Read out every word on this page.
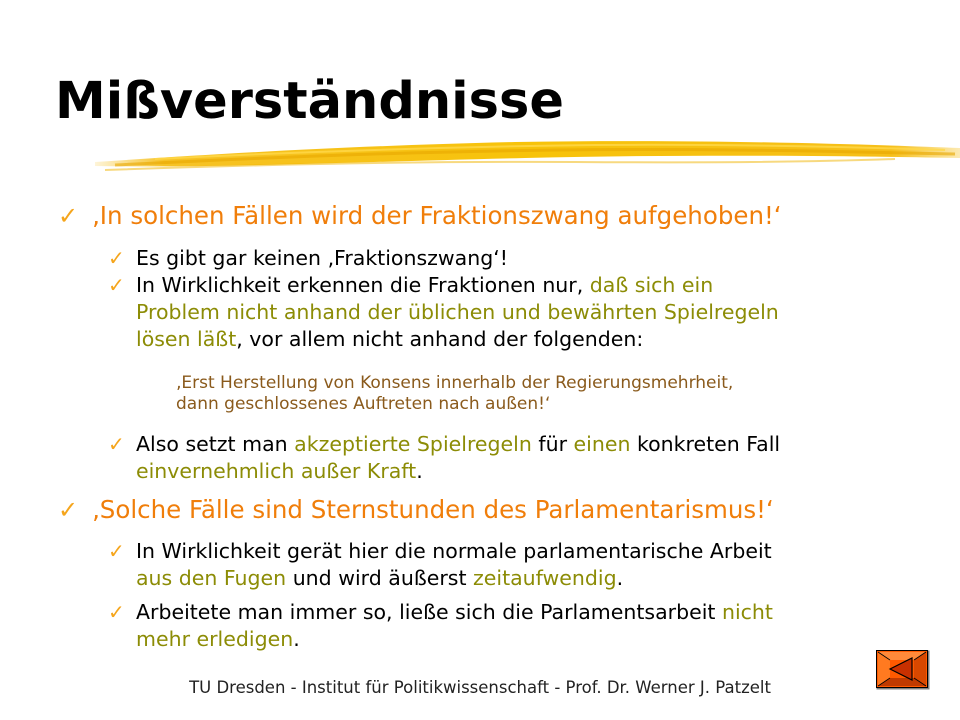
Mißverständnisse
✓ ‚In solchen Fällen wird der Fraktionszwang aufgehoben!‘
✓ Es gibt gar keinen ‚Fraktionszwang‘!
✓ In Wirklichkeit erkennen die Fraktionen nur, daß sich ein
Problem nicht anhand der üblichen und bewährten Spielregeln
lösen läßt, vor allem nicht anhand der folgenden:
‚Erst Herstellung von Konsens innerhalb der Regierungsmehrheit,
dann geschlossenes Auftreten nach außen!‘
✓ Also setzt man akzeptierte Spielregeln für einen konkreten Fall
einvernehmlich außer Kraft.
✓ ‚Solche Fälle sind Sternstunden des Parlamentarismus!‘
✓ In Wirklichkeit gerät hier die normale parlamentarische Arbeit
aus den Fugen und wird äußerst zeitaufwendig.
✓ Arbeitete man immer so, ließe sich die Parlamentsarbeit nicht
mehr erledigen.
TU Dresden - Institut für Politikwissenschaft - Prof. Dr. Werner J. Patzelt
